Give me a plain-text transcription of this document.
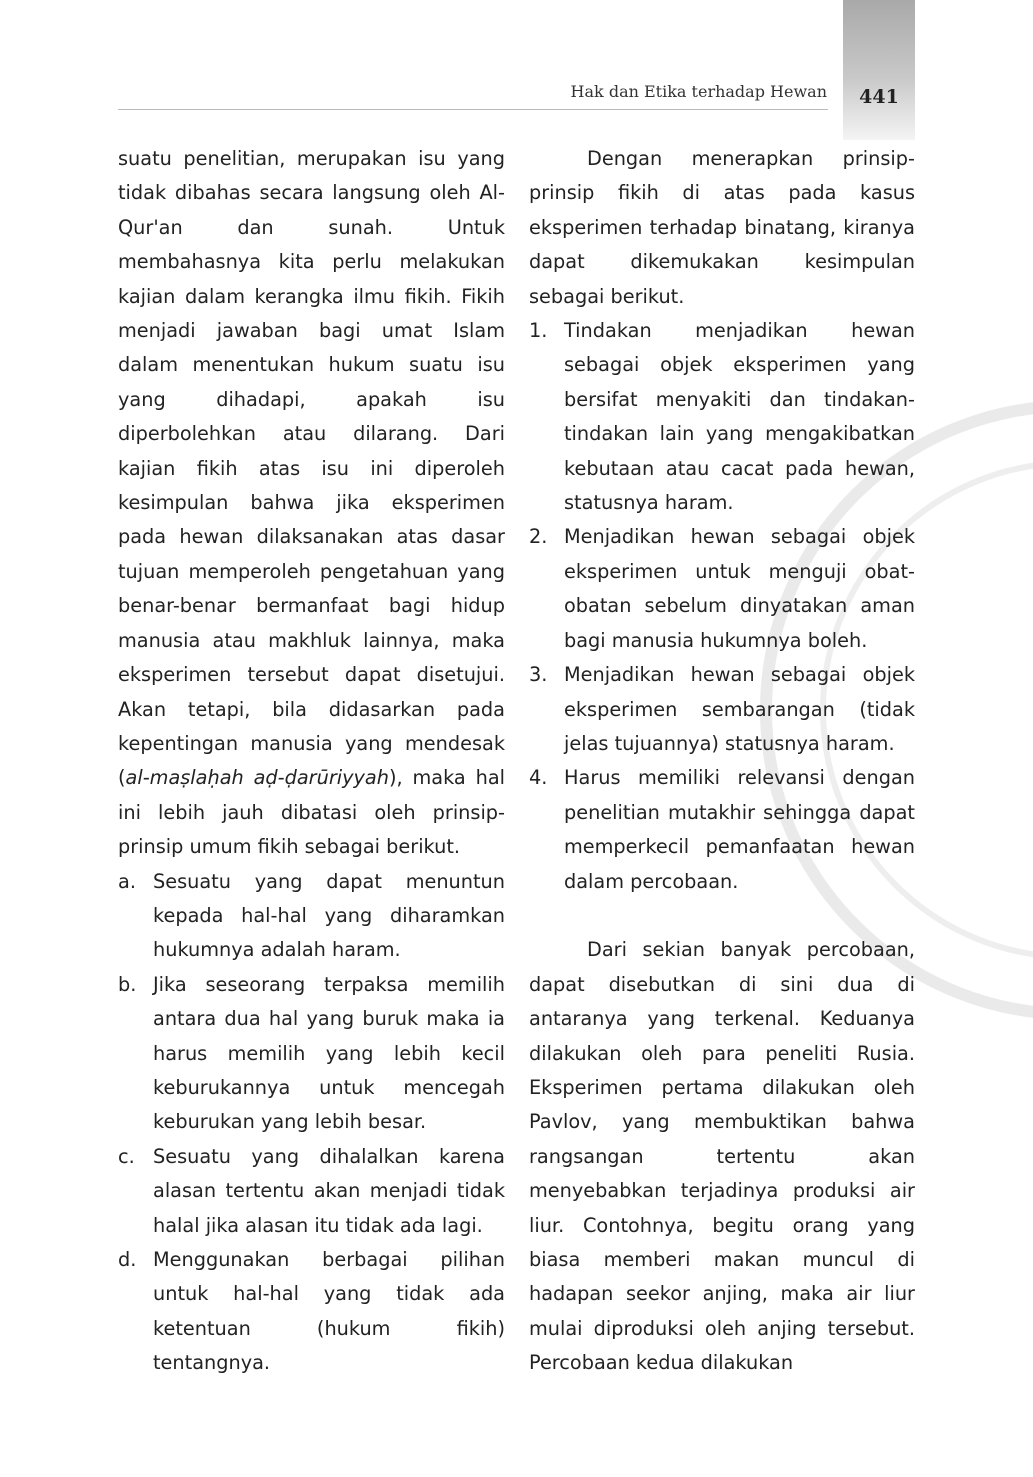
441
Hak dan Etika terhadap Hewan

suatu penelitian, merupakan isu yang tidak dibahas secara langsung oleh Al-Qur'an dan sunah. Untuk membahasnya kita perlu melakukan kajian dalam kerangka ilmu fikih. Fikih menjadi jawaban bagi umat Islam dalam menentukan hukum suatu isu yang dihadapi, apakah isu diperbolehkan atau dilarang. Dari kajian fikih atas isu ini diperoleh kesimpulan bahwa jika eksperimen pada hewan dilaksanakan atas dasar tujuan memperoleh pengetahuan yang benar-benar bermanfaat bagi hidup manusia atau makhluk lainnya, maka eksperimen tersebut dapat disetujui. Akan tetapi, bila didasarkan pada kepentingan manusia yang mendesak (al-maṣlaḥah aḍ-ḍarūriyyah), maka hal ini lebih jauh dibatasi oleh prinsip-prinsip umum fikih sebagai berikut.

a. Sesuatu yang dapat menuntun kepada hal-hal yang diharamkan hukumnya adalah haram.
b. Jika seseorang terpaksa memilih antara dua hal yang buruk maka ia harus memilih yang lebih kecil keburukannya untuk mencegah keburukan yang lebih besar.
c. Sesuatu yang dihalalkan karena alasan tertentu akan menjadi tidak halal jika alasan itu tidak ada lagi.
d. Menggunakan berbagai pilihan untuk hal-hal yang tidak ada ketentuan (hukum fikih) tentangnya.

Dengan menerapkan prinsip-prinsip fikih di atas pada kasus eksperimen terhadap binatang, kiranya dapat dikemukakan kesimpulan sebagai berikut.

1. Tindakan menjadikan hewan sebagai objek eksperimen yang bersifat menyakiti dan tindakan-tindakan lain yang mengakibatkan kebutaan atau cacat pada hewan, statusnya haram.
2. Menjadikan hewan sebagai objek eksperimen untuk menguji obat-obatan sebelum dinyatakan aman bagi manusia hukumnya boleh.
3. Menjadikan hewan sebagai objek eksperimen sembarangan (tidak jelas tujuannya) statusnya haram.
4. Harus memiliki relevansi dengan penelitian mutakhir sehingga dapat memperkecil pemanfaatan hewan dalam percobaan.

Dari sekian banyak percobaan, dapat disebutkan di sini dua di antaranya yang terkenal. Keduanya dilakukan oleh para peneliti Rusia. Eksperimen pertama dilakukan oleh Pavlov, yang membuktikan bahwa rangsangan tertentu akan menyebabkan terjadinya produksi air liur. Contohnya, begitu orang yang biasa memberi makan muncul di hadapan seekor anjing, maka air liur mulai diproduksi oleh anjing tersebut. Percobaan kedua dilakukan
